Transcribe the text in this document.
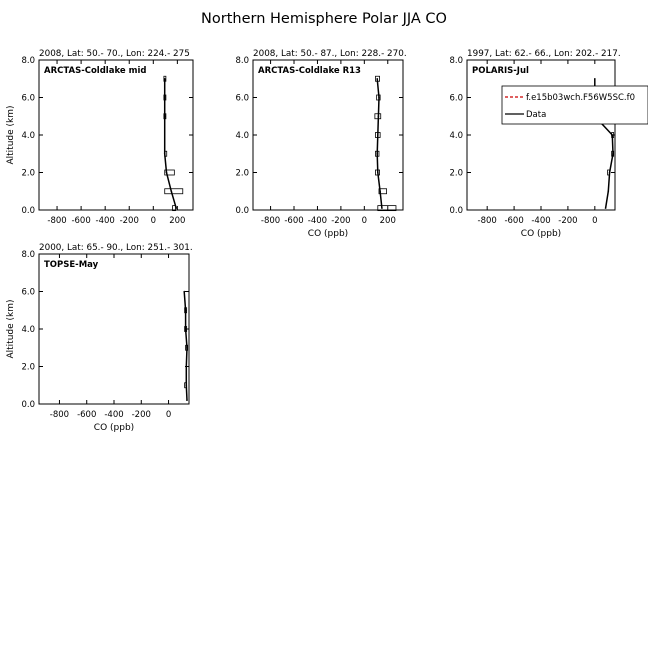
Northern Hemisphere Polar JJA CO
2008, Lat: 50.- 70., Lon: 224.- 275
ARCTAS-Coldlake mid
-800 -600 -400 -200 0 200
0.0
2.0
4.0
6.0
8.0
Altitude (km)
2008, Lat: 50.- 87., Lon: 228.- 270.
ARCTAS-Coldlake R13
-800 -600 -400 -200 0 200
0.0
2.0
4.0
6.0
8.0
CO (ppb)
1997, Lat: 62.- 66., Lon: 202.- 217.
POLARIS-Jul
-800 -600 -400 -200 0
0.0
2.0
4.0
6.0
8.0
CO (ppb)
f.e15b03wch.F56W5SC.f0
Data
2000, Lat: 65.- 90., Lon: 251.- 301.
TOPSE-May
-800 -600 -400 -200 0
0.0
2.0
4.0
6.0
8.0
CO (ppb)
Altitude (km)
